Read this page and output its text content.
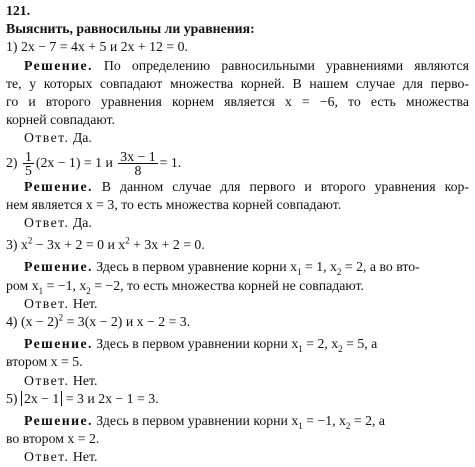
121.
Выяснить, равносильны ли уравнения:
1) 2x − 7 = 4x + 5 и 2x + 12 = 0.
Решение. По определению равносильными уравнениями являются
те, у которых совпадают множества корней. В нашем случае для перво-
го и второго уравнения корнем является x = −6, то есть множества
корней совпадают.
Ответ. Да.
$2) \frac{1}{5} (2x - 1) = 1$ и $\frac{3x - 1}{8} = 1$.
Решение. В данном случае для первого и второго уравнения кор-
нем является x = 3, то есть множества корней совпадают.
Ответ. Да.
3) $x^2 - 3x + 2 = 0$ и $x^2 + 3x + 2 = 0$.
Решение. Здесь в первом уравнение корни $x_1 = 1$, $x_2 = 2$, а во вто-
ром $x_1 = -1$, $x_2 = -2$, то есть множества корней не совпадают.
Ответ. Нет.
4) $(x - 2)^2 = 3(x - 2)$ и x − 2 = 3.
Решение. Здесь в первом уравнении корни $x_1 = 2$, $x_2 = 5$, а
втором x = 5.
Ответ. Нет.
5) 2x − 1 = 3 и 2x − 1 = 3.
Решение. Здесь в первом уравнении корни $x_1 = -1$, $x_2 = 2$, а
во втором x = 2.
Ответ. Нет.
